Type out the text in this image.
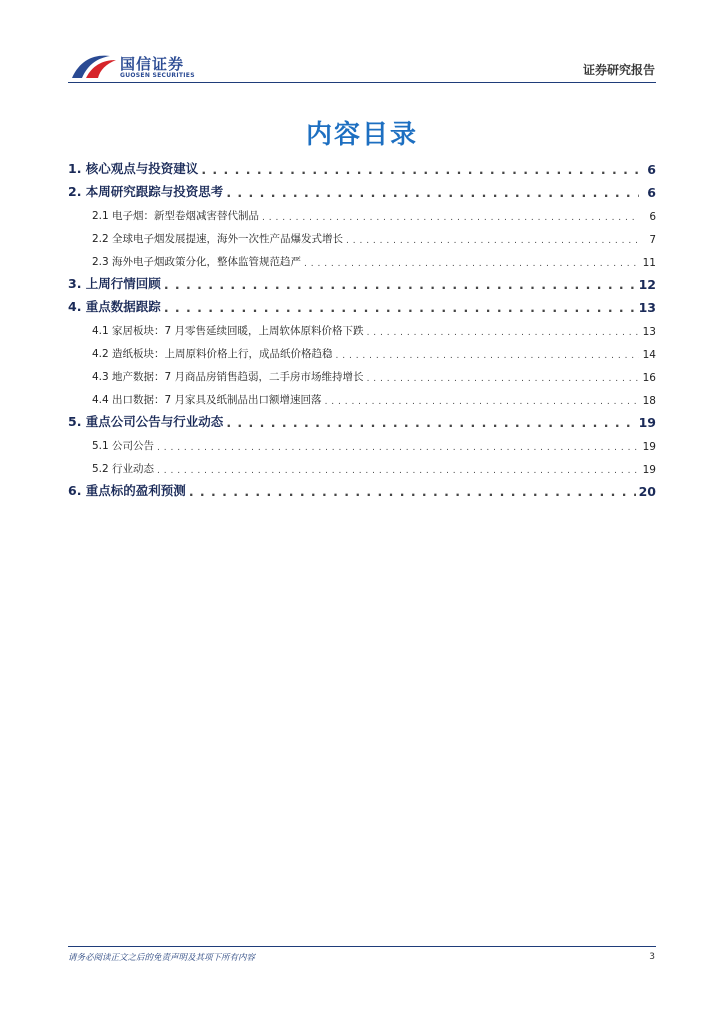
国信证券
GUOSEN SECURITIES	证券研究报告
内容目录
1. 核心观点与投资建议 . . .	6
2. 本周研究跟踪与投资思考 . . .	6
2.1 电子烟：新型卷烟减害替代制品 . . .	6
2.2 全球电子烟发展提速，海外一次性产品爆发式增长 . . .	7
2.3 海外电子烟政策分化，整体监管规范趋严 . . .	11
3. 上周行情回顾 . . .	12
4. 重点数据跟踪 . . .	13
4.1 家居板块：7 月零售延续回暖，上周软体原料价格下跌 . . .	13
4.2 造纸板块：上周原料价格上行，成品纸价格趋稳 . . .	14
4.3 地产数据：7 月商品房销售趋弱，二手房市场维持增长 . . .	16
4.4 出口数据：7 月家具及纸制品出口额增速回落 . . .	18
5. 重点公司公告与行业动态 . . .	19
5.1 公司公告 . . .	19
5.2 行业动态 . . .	19
6. 重点标的盈利预测 . . .	20
请务必阅读正文之后的免责声明及其项下所有内容	3
